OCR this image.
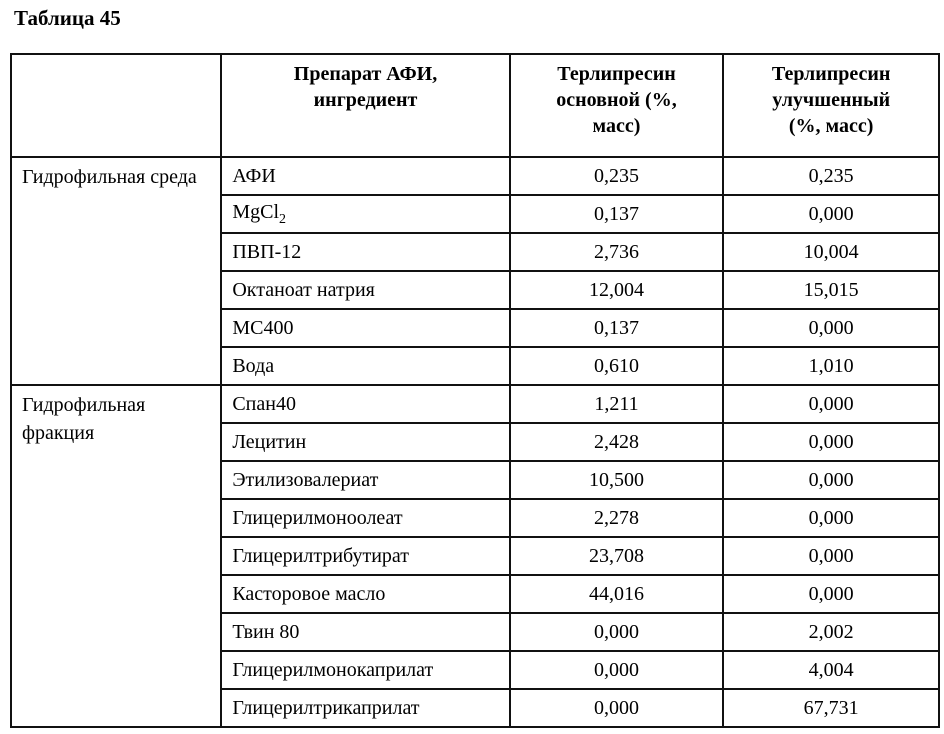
Таблица 45
	Препарат АФИ, ингредиент	Терлипресин основной (%, масс)	Терлипресин улучшенный (%, масс)
Гидрофильная среда	АФИ	0,235	0,235
MgCl2	0,137	0,000
ПВП-12	2,736	10,004
Октаноат натрия	12,004	15,015
МС400	0,137	0,000
Вода	0,610	1,010
Гидрофильная фракция	Спан40	1,211	0,000
Лецитин	2,428	0,000
Этилизовалериат	10,500	0,000
Глицерилмоноолеат	2,278	0,000
Глицерилтрибутират	23,708	0,000
Касторовое масло	44,016	0,000
Твин 80	0,000	2,002
Глицерилмонокаприлат	0,000	4,004
Глицерилтрикаприлат	0,000	67,731
